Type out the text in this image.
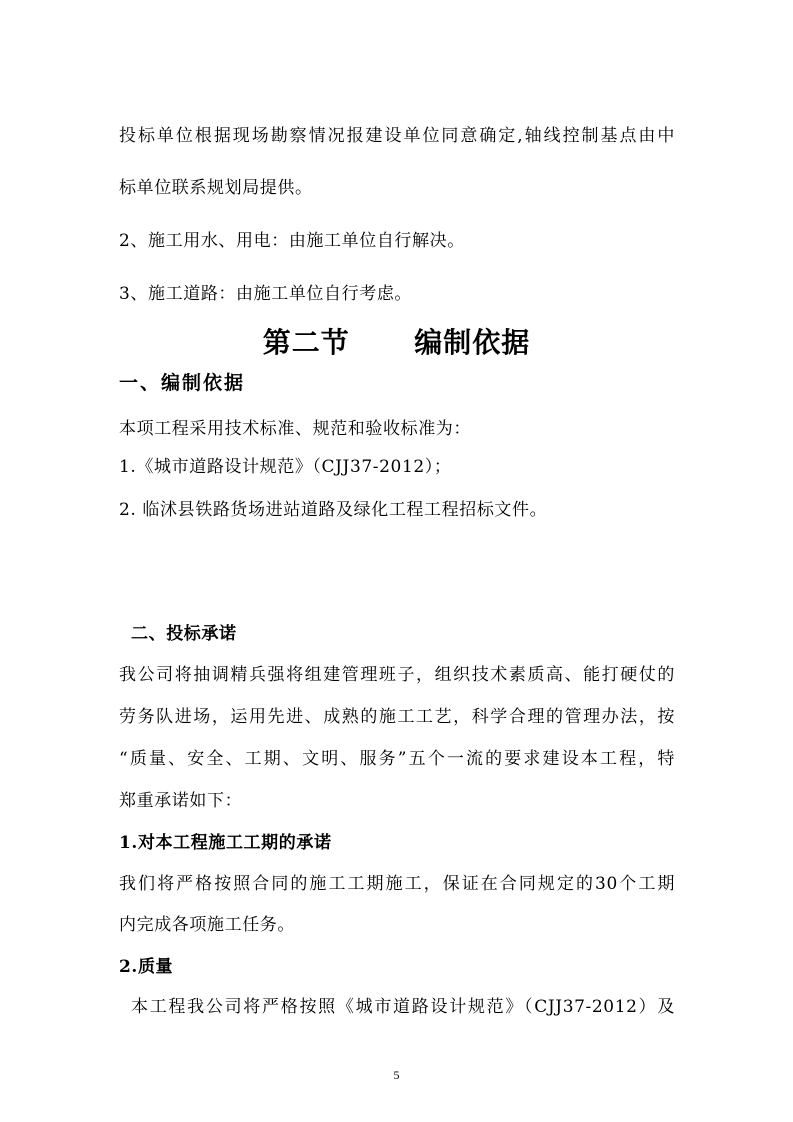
投标单位根据现场勘察情况报建设单位同意确定,轴线控制基点由中
标单位联系规划局提供。
2、施工用水、用电：由施工单位自行解决。
3、施工道路：由施工单位自行考虑。
第二节      编制依据
一、编制依据
本项工程采用技术标准、规范和验收标准为：
1.《城市道路设计规范》（CJJ37-2012）；
2. 临沭县铁路货场进站道路及绿化工程工程招标文件。
二、投标承诺
我公司将抽调精兵强将组建管理班子，组织技术素质高、能打硬仗的
劳务队进场，运用先进、成熟的施工工艺，科学合理的管理办法，按
“质量、安全、工期、文明、服务”五个一流的要求建设本工程，特
郑重承诺如下：
1.对本工程施工工期的承诺
我们将严格按照合同的施工工期施工，保证在合同规定的30个工期
内完成各项施工任务。
2.质量
本工程我公司将严格按照《城市道路设计规范》（CJJ37-2012）及
5
